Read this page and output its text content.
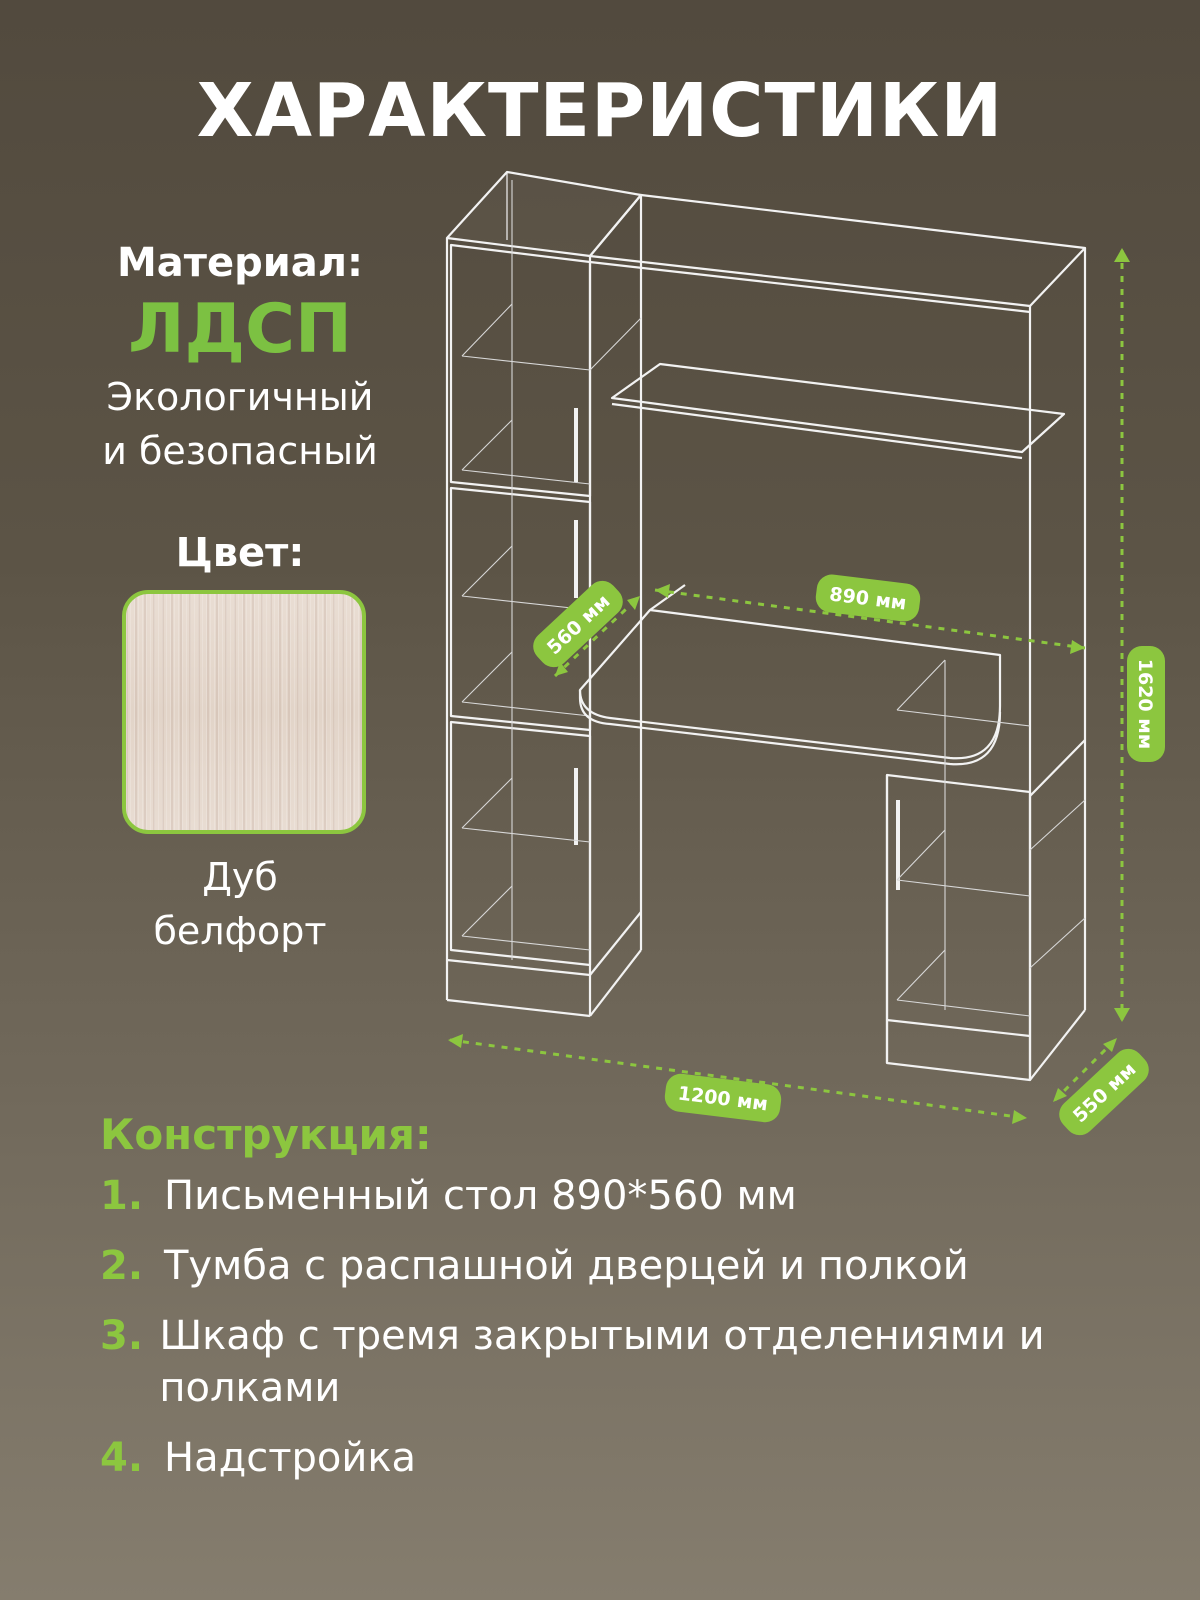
ХАРАКТЕРИСТИКИ
Материал:
ЛДСП
Экологичный
и безопасный
Цвет:
Дуб
белфорт
890 мм
560 мм
1620 мм
1200 мм	550 мм
Конструкция:
1. Письменный стол 890*560 мм
2. Тумба с распашной дверцей и полкой
3. Шкаф с тремя закрытыми отделениями и полками
4. Надстройка
